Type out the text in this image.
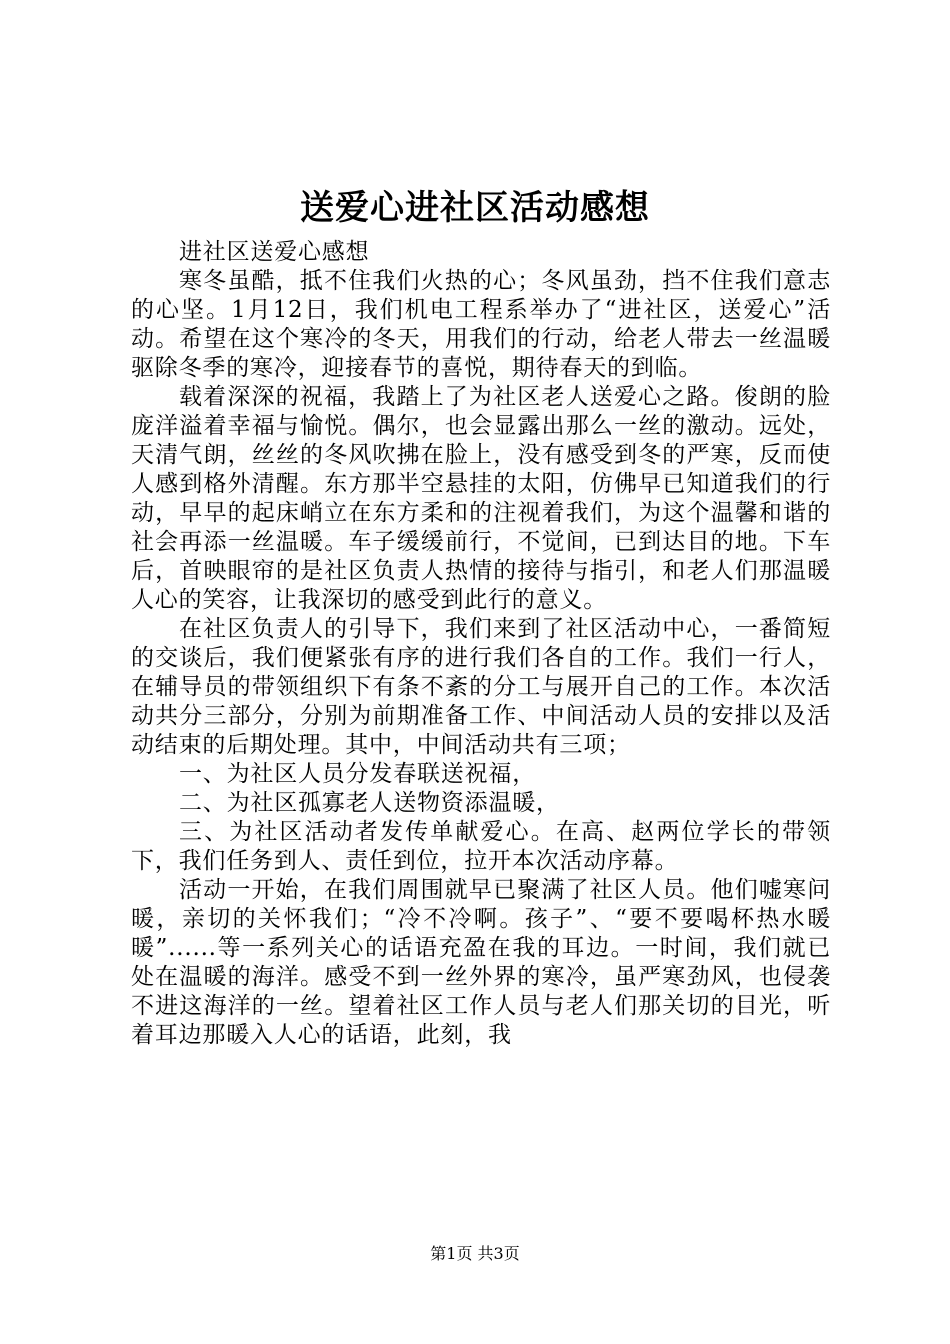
送爱心进社区活动感想

进社区送爱心感想

寒冬虽酷，抵不住我们火热的心；冬风虽劲，挡不住我们意志的心坚。1月12日，我们机电工程系举办了“进社区，送爱心”活动。希望在这个寒冷的冬天，用我们的行动，给老人带去一丝温暖驱除冬季的寒冷，迎接春节的喜悦，期待春天的到临。

载着深深的祝福，我踏上了为社区老人送爱心之路。俊朗的脸庞洋溢着幸福与愉悦。偶尔，也会显露出那么一丝的激动。远处，天清气朗，丝丝的冬风吹拂在脸上，没有感受到冬的严寒，反而使人感到格外清醒。东方那半空悬挂的太阳，仿佛早已知道我们的行动，早早的起床峭立在东方柔和的注视着我们，为这个温馨和谐的社会再添一丝温暖。车子缓缓前行，不觉间，已到达目的地。下车后，首映眼帘的是社区负责人热情的接待与指引，和老人们那温暖人心的笑容，让我深切的感受到此行的意义。

在社区负责人的引导下，我们来到了社区活动中心，一番简短的交谈后，我们便紧张有序的进行我们各自的工作。我们一行人，在辅导员的带领组织下有条不紊的分工与展开自己的工作。本次活动共分三部分，分别为前期准备工作、中间活动人员的安排以及活动结束的后期处理。其中，中间活动共有三项；

一、为社区人员分发春联送祝福，

二、为社区孤寡老人送物资添温暖，

三、为社区活动者发传单献爱心。在高、赵两位学长的带领下，我们任务到人、责任到位，拉开本次活动序幕。

活动一开始，在我们周围就早已聚满了社区人员。他们嘘寒问暖，亲切的关怀我们；“冷不冷啊。孩子”、“要不要喝杯热水暖暖”......等一系列关心的话语充盈在我的耳边。一时间，我们就已处在温暖的海洋。感受不到一丝外界的寒冷，虽严寒劲风，也侵袭不进这海洋的一丝。望着社区工作人员与老人们那关切的目光，听着耳边那暖入人心的话语，此刻，我

第1页 共3页
